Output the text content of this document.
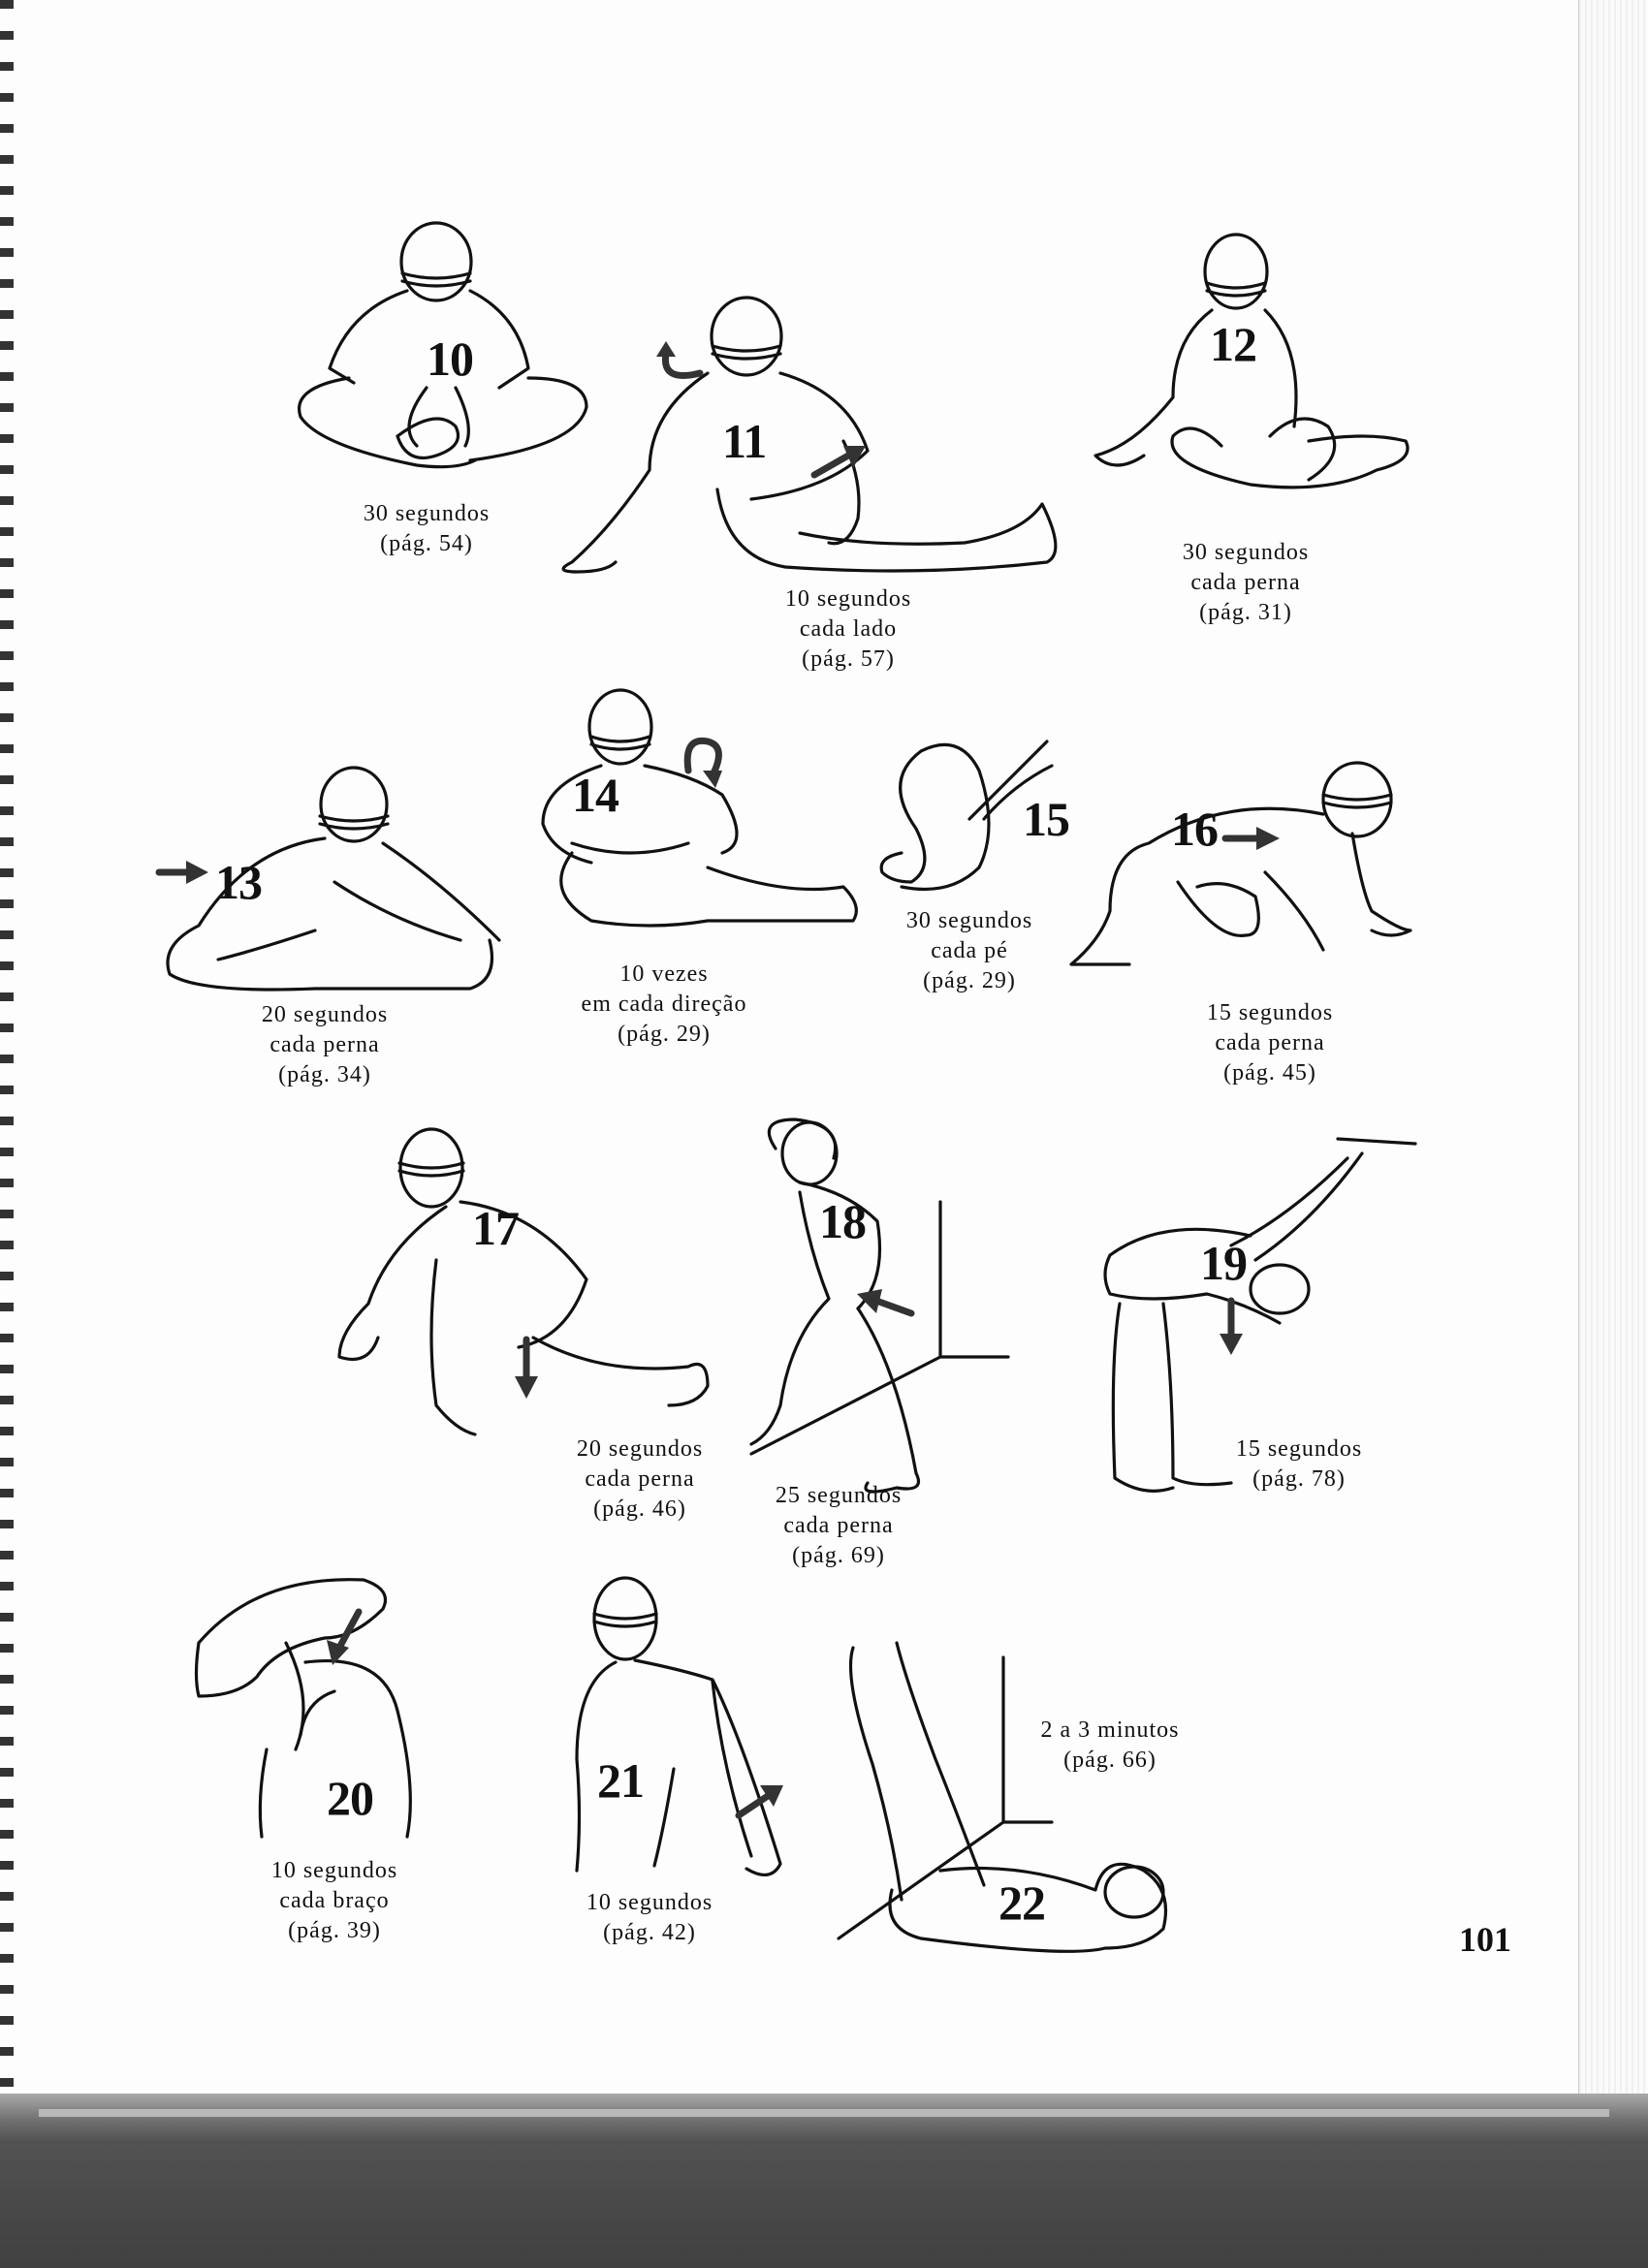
10
30 segundos
(pág. 54)
11
10 segundos
cada lado
(pág. 57)
12
30 segundos
cada perna
(pág. 31)
13
20 segundos
cada perna
(pág. 34)
14
10 vezes
em cada direção
(pág. 29)
15
30 segundos
cada pé
(pág. 29)
16
15 segundos
cada perna
(pág. 45)
17
20 segundos
cada perna
(pág. 46)
18
25 segundos
cada perna
(pág. 69)
19
15 segundos
(pág. 78)
20
10 segundos
cada braço
(pág. 39)
21
10 segundos
(pág. 42)
22
2 a 3 minutos
(pág. 66)
101
